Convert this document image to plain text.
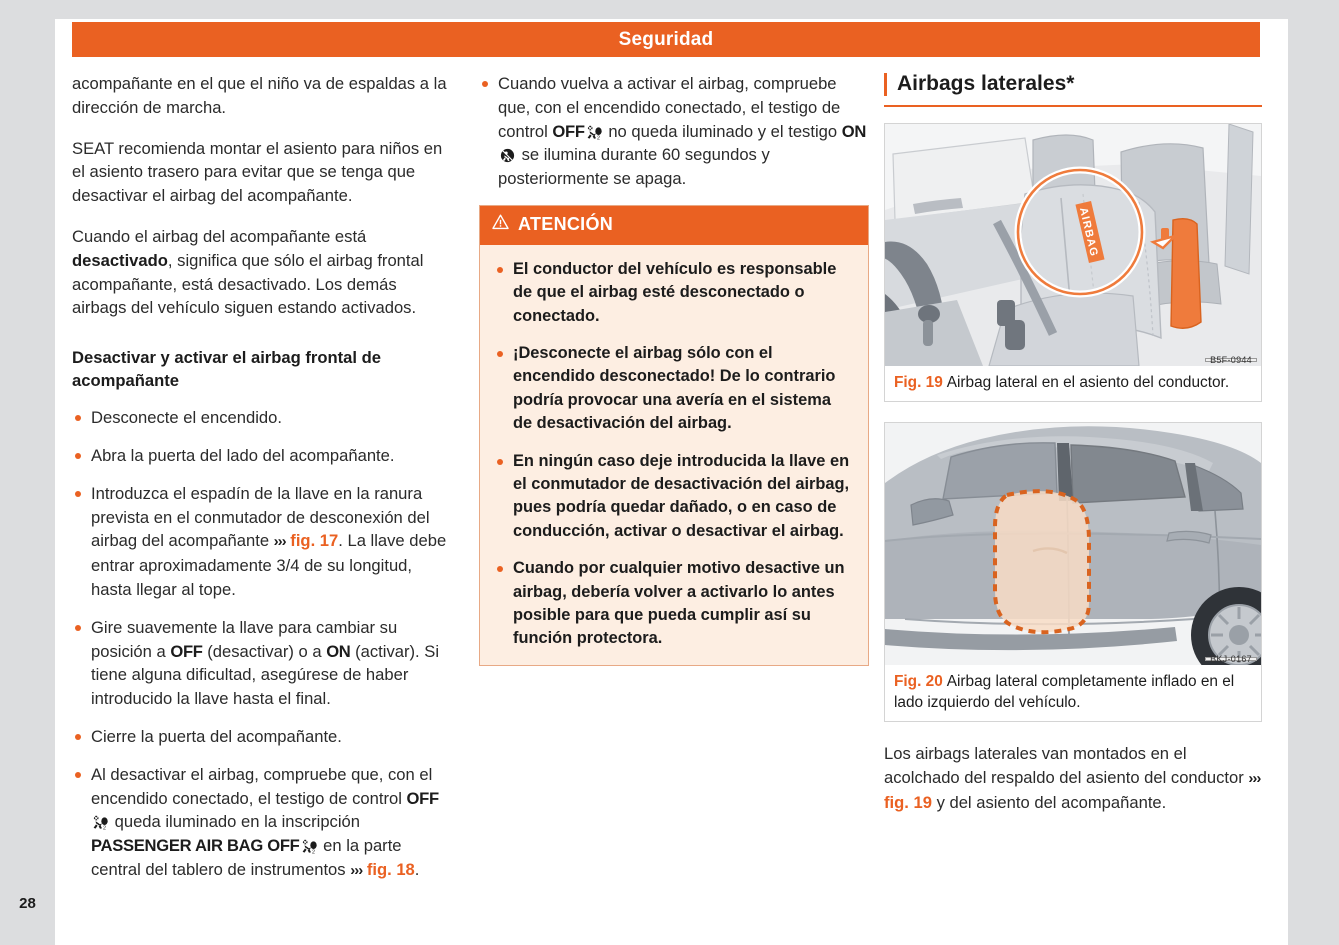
Seguridad
28

acompañante en el que el niño va de espaldas a la dirección de marcha.

SEAT recomienda montar el asiento para niños en el asiento trasero para evitar que se tenga que desactivar el airbag del acompañante.

Cuando el airbag del acompañante está desactivado, significa que sólo el airbag frontal acompañante, está desactivado. Los demás airbags del vehículo siguen estando activados.

Desactivar y activar el airbag frontal de acompañante
Desconecte el encendido.
Abra la puerta del lado del acompañante.
Introduzca el espadín de la llave en la ranura prevista en el conmutador de desconexión del airbag del acompañante ››› fig. 17. La llave debe entrar aproximadamente 3/4 de su longitud, hasta llegar al tope.
Gire suavemente la llave para cambiar su posición a OFF (desactivar) o a ON (activar). Si tiene alguna dificultad, asegúrese de haber introducido la llave hasta el final.
Cierre la puerta del acompañante.
Al desactivar el airbag, compruebe que, con el encendido conectado, el testigo de control OFF
2 queda iluminado en la inscripción PASSENGER AIR BAG OFF 2 en la parte central del tablero de instrumentos ››› fig. 18.
Cuando vuelva a activar el airbag, compruebe que, con el encendido conectado, el testigo de control OFF 2 no queda iluminado y el testigo ON se ilumina durante 60 segundos y posteriormente se apaga.
ATENCIÓN
El conductor del vehículo es responsable de que el airbag esté desconectado o conectado.
¡Desconecte el airbag sólo con el encendido desconectado! De lo contrario podría provocar una avería en el sistema de desactivación del airbag.
En ningún caso deje introducida la llave en el conmutador de desactivación del airbag, pues podría quedar dañado, o en caso de conducción, activar o desactivar el airbag.
Cuando por cualquier motivo desactive un airbag, debería volver a activarlo lo antes posible para que pueda cumplir así su función protectora.
Airbags laterales*
AIRBAG
B5F-0944
Fig. 19 Airbag lateral en el asiento del conductor.
BKJ-0167
Fig. 20 Airbag lateral completamente inflado en el lado izquierdo del vehículo.

Los airbags laterales van montados en el acolchado del respaldo del asiento del conductor ››› fig. 19 y del asiento del acompañante.
